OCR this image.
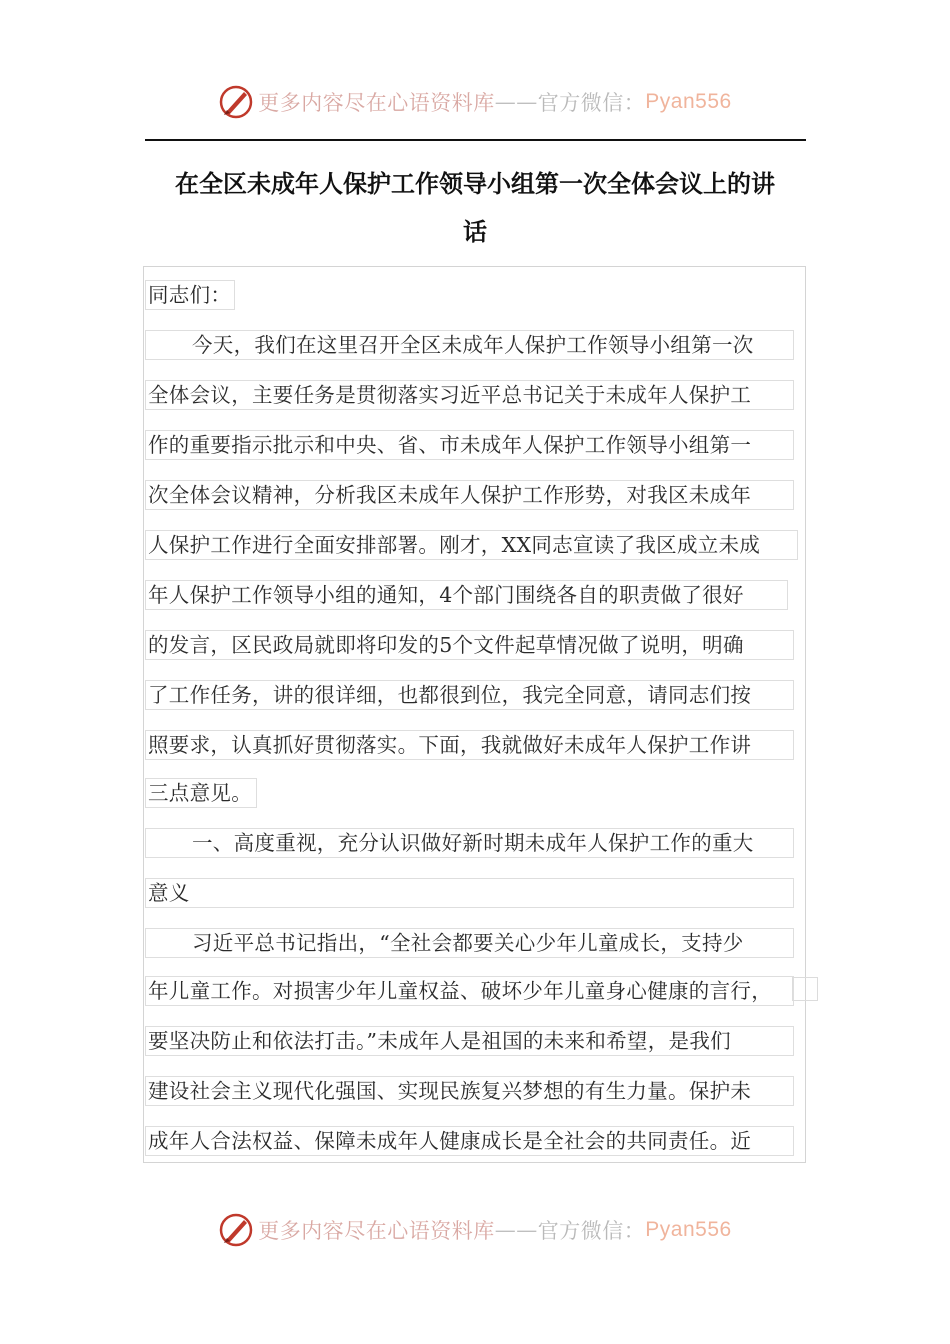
更多内容尽在心语资料库 —— 官方微信： Pyan556
在全区未成年人保护工作领导小组第一次全体会议上的讲
话
同志们：
今天，我们在这里召开全区未成年人保护工作领导小组第一次
全体会议，主要任务是贯彻落实习近平总书记关于未成年人保护工
作的重要指示批示和中央、省、市未成年人保护工作领导小组第一
次全体会议精神，分析我区未成年人保护工作形势，对我区未成年
人保护工作进行全面安排部署。刚才，XX同志宣读了我区成立未成
年人保护工作领导小组的通知，4个部门围绕各自的职责做了很好
的发言，区民政局就即将印发的5个文件起草情况做了说明，明确
了工作任务，讲的很详细，也都很到位，我完全同意，请同志们按
照要求，认真抓好贯彻落实。下面，我就做好未成年人保护工作讲
三点意见。
一、高度重视，充分认识做好新时期未成年人保护工作的重大
意义
习近平总书记指出，“全社会都要关心少年儿童成长，支持少
年儿童工作。对损害少年儿童权益、破坏少年儿童身心健康的言行，
要坚决防止和依法打击。”未成年人是祖国的未来和希望，是我们
建设社会主义现代化强国、实现民族复兴梦想的有生力量。保护未
成年人合法权益、保障未成年人健康成长是全社会的共同责任。近
更多内容尽在心语资料库 —— 官方微信： Pyan556
